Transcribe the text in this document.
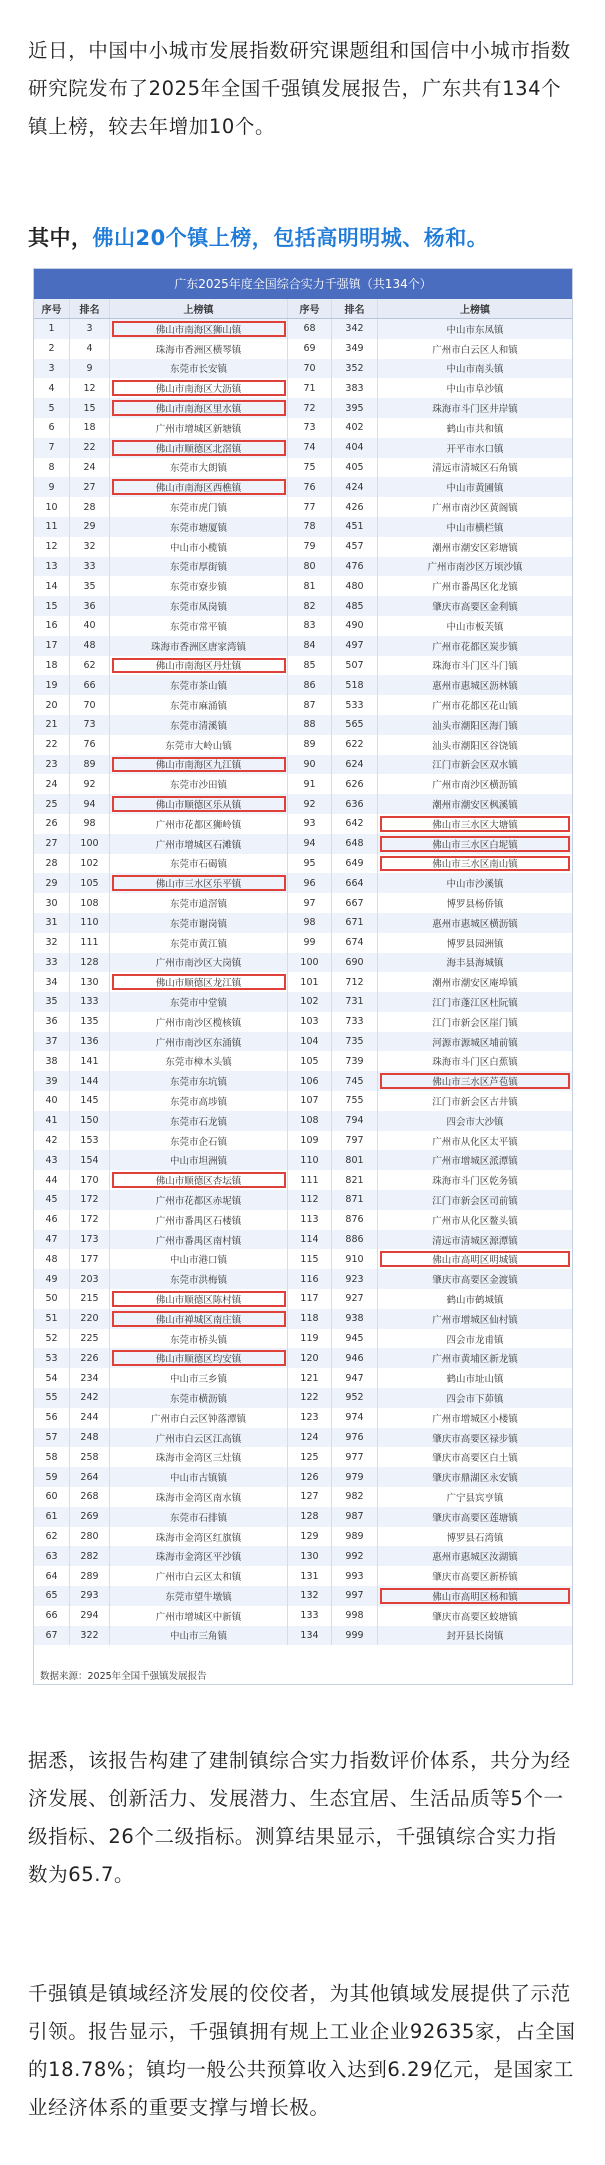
近日，中国中小城市发展指数研究课题组和国信中小城市指数研究院发布了2025年全国千强镇发展报告，广东共有134个镇上榜，较去年增加10个。

其中，佛山20个镇上榜，包括高明明城、杨和。
广东2025年度全国综合实力千强镇（共134个）
序号	排名	上榜镇	序号	排名	上榜镇
1	3	佛山市南海区狮山镇	68	342	中山市东凤镇
2	4	珠海市香洲区横琴镇	69	349	广州市白云区人和镇
3	9	东莞市长安镇	70	352	中山市南头镇
4	12	佛山市南海区大沥镇	71	383	中山市阜沙镇
5	15	佛山市南海区里水镇	72	395	珠海市斗门区井岸镇
6	18	广州市增城区新塘镇	73	402	鹤山市共和镇
7	22	佛山市顺德区北滘镇	74	404	开平市水口镇
8	24	东莞市大朗镇	75	405	清远市清城区石角镇
9	27	佛山市南海区西樵镇	76	424	中山市黄圃镇
10	28	东莞市虎门镇	77	426	广州市南沙区黄阁镇
11	29	东莞市塘厦镇	78	451	中山市横栏镇
12	32	中山市小榄镇	79	457	潮州市潮安区彩塘镇
13	33	东莞市厚街镇	80	476	广州市南沙区万顷沙镇
14	35	东莞市寮步镇	81	480	广州市番禺区化龙镇
15	36	东莞市凤岗镇	82	485	肇庆市高要区金利镇
16	40	东莞市常平镇	83	490	中山市板芙镇
17	48	珠海市香洲区唐家湾镇	84	497	广州市花都区炭步镇
18	62	佛山市南海区丹灶镇	85	507	珠海市斗门区斗门镇
19	66	东莞市茶山镇	86	518	惠州市惠城区沥林镇
20	70	东莞市麻涌镇	87	533	广州市花都区花山镇
21	73	东莞市清溪镇	88	565	汕头市潮阳区海门镇
22	76	东莞市大岭山镇	89	622	汕头市潮阳区谷饶镇
23	89	佛山市南海区九江镇	90	624	江门市新会区双水镇
24	92	东莞市沙田镇	91	626	广州市南沙区横沥镇
25	94	佛山市顺德区乐从镇	92	636	潮州市潮安区枫溪镇
26	98	广州市花都区狮岭镇	93	642	佛山市三水区大塘镇
27	100	广州市增城区石滩镇	94	648	佛山市三水区白坭镇
28	102	东莞市石碣镇	95	649	佛山市三水区南山镇
29	105	佛山市三水区乐平镇	96	664	中山市沙溪镇
30	108	东莞市道滘镇	97	667	博罗县杨侨镇
31	110	东莞市谢岗镇	98	671	惠州市惠城区横沥镇
32	111	东莞市黄江镇	99	674	博罗县园洲镇
33	128	广州市南沙区大岗镇	100	690	海丰县海城镇
34	130	佛山市顺德区龙江镇	101	712	潮州市潮安区庵埠镇
35	133	东莞市中堂镇	102	731	江门市蓬江区杜阮镇
36	135	广州市南沙区榄核镇	103	733	江门市新会区崖门镇
37	136	广州市南沙区东涌镇	104	735	河源市源城区埔前镇
38	141	东莞市樟木头镇	105	739	珠海市斗门区白蕉镇
39	144	东莞市东坑镇	106	745	佛山市三水区芦苞镇
40	145	东莞市高埗镇	107	755	江门市新会区古井镇
41	150	东莞市石龙镇	108	794	四会市大沙镇
42	153	东莞市企石镇	109	797	广州市从化区太平镇
43	154	中山市坦洲镇	110	801	广州市增城区派潭镇
44	170	佛山市顺德区杏坛镇	111	821	珠海市斗门区乾务镇
45	172	广州市花都区赤坭镇	112	871	江门市新会区司前镇
46	172	广州市番禺区石楼镇	113	876	广州市从化区鳌头镇
47	173	广州市番禺区南村镇	114	886	清远市清城区源潭镇
48	177	中山市港口镇	115	910	佛山市高明区明城镇
49	203	东莞市洪梅镇	116	923	肇庆市高要区金渡镇
50	215	佛山市顺德区陈村镇	117	927	鹤山市鹤城镇
51	220	佛山市禅城区南庄镇	118	938	广州市增城区仙村镇
52	225	东莞市桥头镇	119	945	四会市龙甫镇
53	226	佛山市顺德区均安镇	120	946	广州市黄埔区新龙镇
54	234	中山市三乡镇	121	947	鹤山市址山镇
55	242	东莞市横沥镇	122	952	四会市下茆镇
56	244	广州市白云区钟落潭镇	123	974	广州市增城区小楼镇
57	248	广州市白云区江高镇	124	976	肇庆市高要区禄步镇
58	258	珠海市金湾区三灶镇	125	977	肇庆市高要区白土镇
59	264	中山市古镇镇	126	979	肇庆市鼎湖区永安镇
60	268	珠海市金湾区南水镇	127	982	广宁县宾亨镇
61	269	东莞市石排镇	128	987	肇庆市高要区莲塘镇
62	280	珠海市金湾区红旗镇	129	989	博罗县石湾镇
63	282	珠海市金湾区平沙镇	130	992	惠州市惠城区汝湖镇
64	289	广州市白云区太和镇	131	993	肇庆市高要区新桥镇
65	293	东莞市望牛墩镇	132	997	佛山市高明区杨和镇
66	294	广州市增城区中新镇	133	998	肇庆市高要区蛟塘镇
67	322	中山市三角镇	134	999	封开县长岗镇
数据来源：2025年全国千强镇发展报告

据悉，该报告构建了建制镇综合实力指数评价体系，共分为经济发展、创新活力、发展潜力、生态宜居、生活品质等5个一级指标、26个二级指标。测算结果显示，千强镇综合实力指数为65.7。

千强镇是镇域经济发展的佼佼者，为其他镇域发展提供了示范引领。报告显示，千强镇拥有规上工业企业92635家，占全国的18.78%；镇均一般公共预算收入达到6.29亿元，是国家工业经济体系的重要支撑与增长极。
